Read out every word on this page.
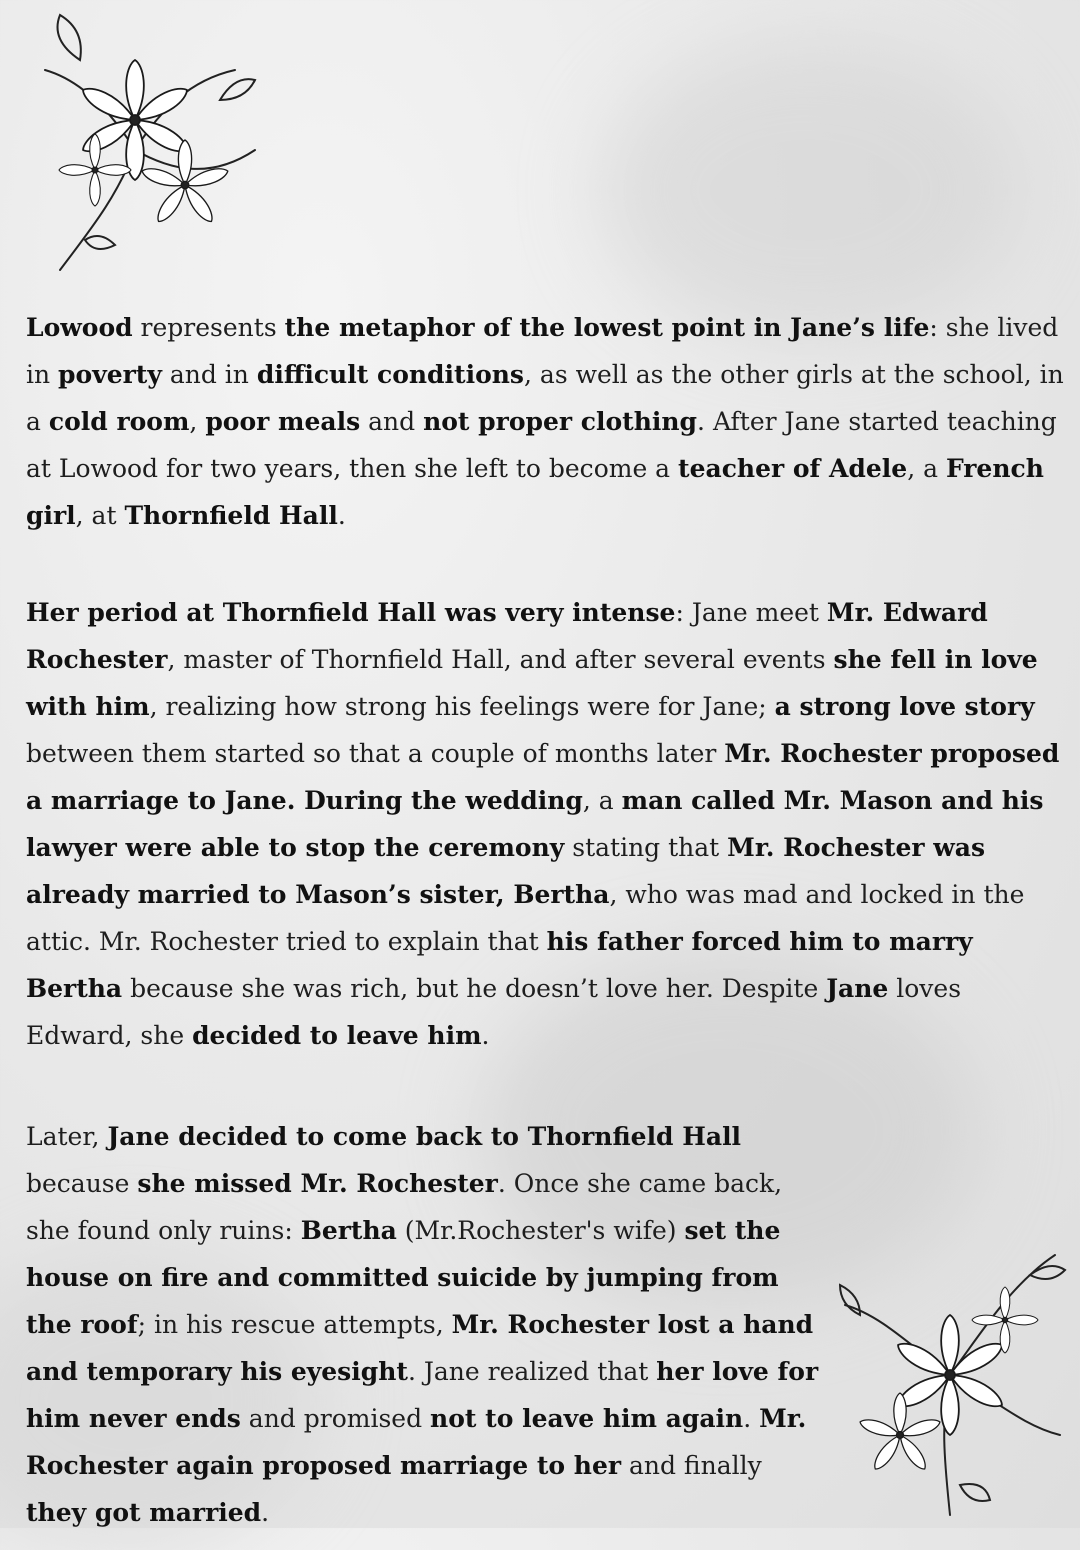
Lowood represents the metaphor of the lowest point in Jane’s life: she lived in poverty and in difficult conditions, as well as the other girls at the school, in a cold room, poor meals and not proper clothing. After Jane started teaching at Lowood for two years, then she left to become a teacher of Adele, a French girl, at Thornfield Hall.
Her period at Thornfield Hall was very intense: Jane meet Mr. Edward Rochester, master of Thornfield Hall, and after several events she fell in love with him, realizing how strong his feelings were for Jane; a strong love story between them started so that a couple of months later Mr. Rochester proposed a marriage to Jane. During the wedding, a man called Mr. Mason and his lawyer were able to stop the ceremony stating that Mr. Rochester was already married to Mason’s sister, Bertha, who was mad and locked in the attic. Mr. Rochester tried to explain that his father forced him to marry Bertha because she was rich, but he doesn’t love her. Despite Jane loves Edward, she decided to leave him.
Later, Jane decided to come back to Thornfield Hall because she missed Mr. Rochester. Once she came back, she found only ruins: Bertha (Mr.Rochester's wife) set the house on fire and committed suicide by jumping from the roof; in his rescue attempts, Mr. Rochester lost a hand and temporary his eyesight. Jane realized that her love for him never ends and promised not to leave him again. Mr. Rochester again proposed marriage to her and finally they got married.
